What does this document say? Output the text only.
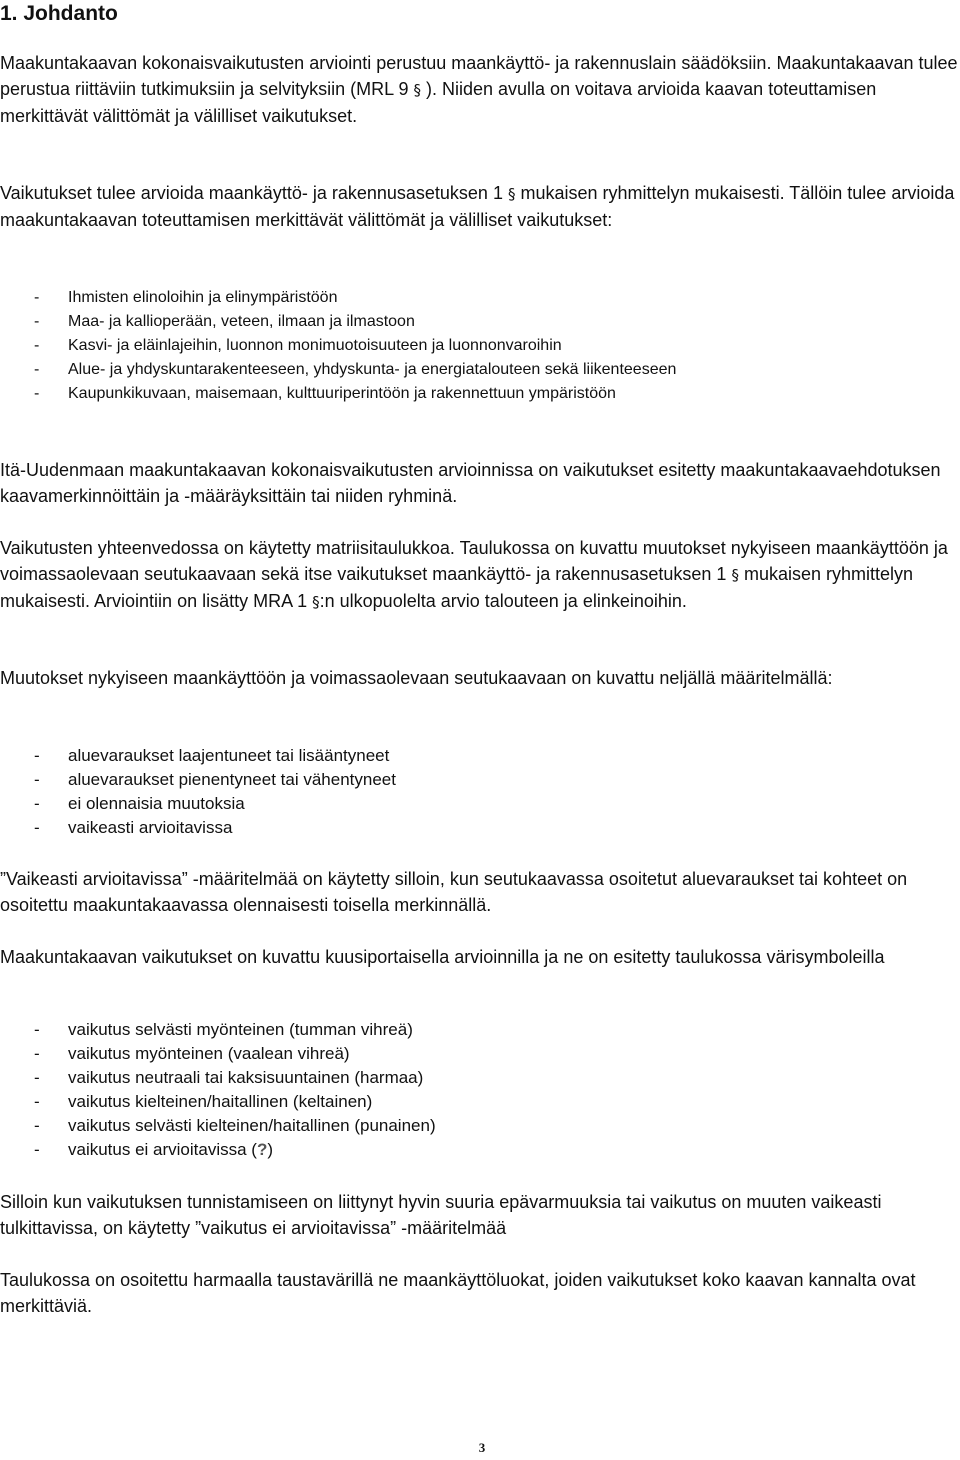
1. Johdanto

Maakuntakaavan kokonaisvaikutusten arviointi perustuu maankäyttö- ja rakennuslain säädöksiin. Maakuntakaavan tulee perustua riittäviin tutkimuksiin ja selvityksiin (MRL 9 § ). Niiden avulla on voitava arvioida kaavan toteuttamisen merkittävät välittömät ja välilliset vaikutukset.

Vaikutukset tulee arvioida maankäyttö- ja rakennusasetuksen 1 § mukaisen ryhmittelyn mukaisesti. Tällöin tulee arvioida maakuntakaavan toteuttamisen merkittävät välittömät ja välilliset vaikutukset:

- Ihmisten elinoloihin ja elinympäristöön
- Maa- ja kallioperään, veteen, ilmaan ja ilmastoon
- Kasvi- ja eläinlajeihin, luonnon monimuotoisuuteen ja luonnonvaroihin
- Alue- ja yhdyskuntarakenteeseen, yhdyskunta- ja energiatalouteen sekä liikenteeseen
- Kaupunkikuvaan, maisemaan, kulttuuriperintöön ja rakennettuun ympäristöön

Itä-Uudenmaan maakuntakaavan kokonaisvaikutusten arvioinnissa on vaikutukset esitetty maakuntakaavaehdotuksen kaavamerkinnöittäin ja -määräyksittäin tai niiden ryhminä.

Vaikutusten yhteenvedossa on käytetty matriisitaulukkoa. Taulukossa on kuvattu muutokset nykyiseen maankäyttöön ja voimassaolevaan seutukaavaan sekä itse vaikutukset maankäyttö- ja rakennusasetuksen 1 § mukaisen ryhmittelyn mukaisesti. Arviointiin on lisätty MRA 1 §:n ulkopuolelta arvio talouteen ja elinkeinoihin.

Muutokset nykyiseen maankäyttöön ja voimassaolevaan seutukaavaan on kuvattu neljällä määritelmällä:

- aluevaraukset laajentuneet tai lisääntyneet
- aluevaraukset pienentyneet tai vähentyneet
- ei olennaisia muutoksia
- vaikeasti arvioitavissa

”Vaikeasti arvioitavissa” -määritelmää on käytetty silloin, kun seutukaavassa osoitetut aluevaraukset tai kohteet on osoitettu maakuntakaavassa olennaisesti toisella merkinnällä.

Maakuntakaavan vaikutukset on kuvattu kuusiportaisella arvioinnilla ja ne on esitetty taulukossa värisymboleilla

- vaikutus selvästi myönteinen (tumman vihreä)
- vaikutus myönteinen (vaalean vihreä)
- vaikutus neutraali tai kaksisuuntainen (harmaa)
- vaikutus kielteinen/haitallinen (keltainen)
- vaikutus selvästi kielteinen/haitallinen (punainen)
- vaikutus ei arvioitavissa (?)

Silloin kun vaikutuksen tunnistamiseen on liittynyt hyvin suuria epävarmuuksia tai vaikutus on muuten vaikeasti tulkittavissa, on käytetty ”vaikutus ei arvioitavissa” -määritelmää

Taulukossa on osoitettu harmaalla taustavärillä ne maankäyttöluokat, joiden vaikutukset koko kaavan kannalta ovat merkittäviä.

3
